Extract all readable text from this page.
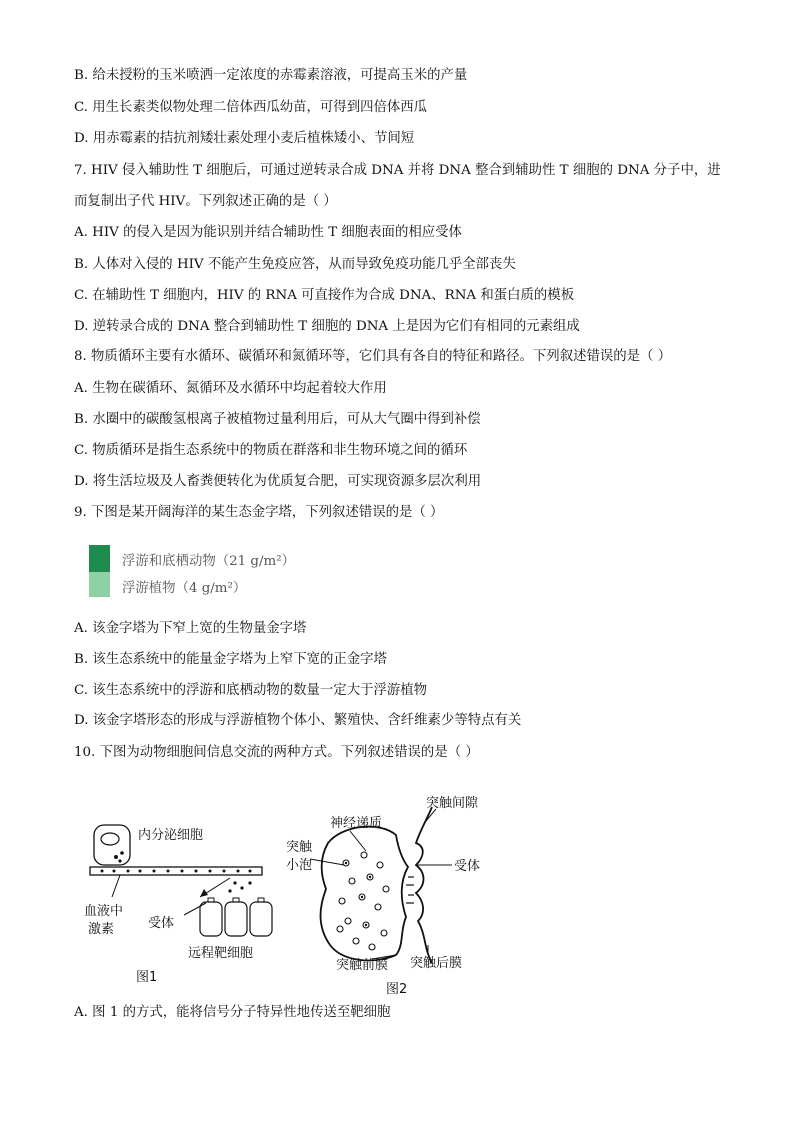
B. 给未授粉的玉米喷洒一定浓度的赤霉素溶液，可提高玉米的产量
C. 用生长素类似物处理二倍体西瓜幼苗，可得到四倍体西瓜
D. 用赤霉素的拮抗剂矮壮素处理小麦后植株矮小、节间短
7. HIV 侵入辅助性 T 细胞后，可通过逆转录合成 DNA 并将 DNA 整合到辅助性 T 细胞的 DNA 分子中，进
而复制出子代 HIV。下列叙述正确的是（ ）
A. HIV 的侵入是因为能识别并结合辅助性 T 细胞表面的相应受体
B. 人体对入侵的 HIV 不能产生免疫应答，从而导致免疫功能几乎全部丧失
C. 在辅助性 T 细胞内，HIV 的 RNA 可直接作为合成 DNA、RNA 和蛋白质的模板
D. 逆转录合成的 DNA 整合到辅助性 T 细胞的 DNA 上是因为它们有相同的元素组成
8. 物质循环主要有水循环、碳循环和氮循环等，它们具有各自的特征和路径。下列叙述错误的是（ ）
A. 生物在碳循环、氮循环及水循环中均起着较大作用
B. 水圈中的碳酸氢根离子被植物过量利用后，可从大气圈中得到补偿
C. 物质循环是指生态系统中的物质在群落和非生物环境之间的循环
D. 将生活垃圾及人畜粪便转化为优质复合肥，可实现资源多层次利用
9. 下图是某开阔海洋的某生态金字塔，下列叙述错误的是（ ）
浮游和底栖动物（21 g/m²）
浮游植物（4 g/m²）
A. 该金字塔为下窄上宽的生物量金字塔
B. 该生态系统中的能量金字塔为上窄下宽的正金字塔
C. 该生态系统中的浮游和底栖动物的数量一定大于浮游植物
D. 该金字塔形态的形成与浮游植物个体小、繁殖快、含纤维素少等特点有关
10. 下图为动物细胞间信息交流的两种方式。下列叙述错误的是（ ）
内分泌细胞
血液中
激素	受体
远程靶细胞
图1
突触间隙
神经递质
突触
小泡	受体
突触前膜 突触后膜
图2
A. 图 1 的方式，能将信号分子特异性地传送至靶细胞
